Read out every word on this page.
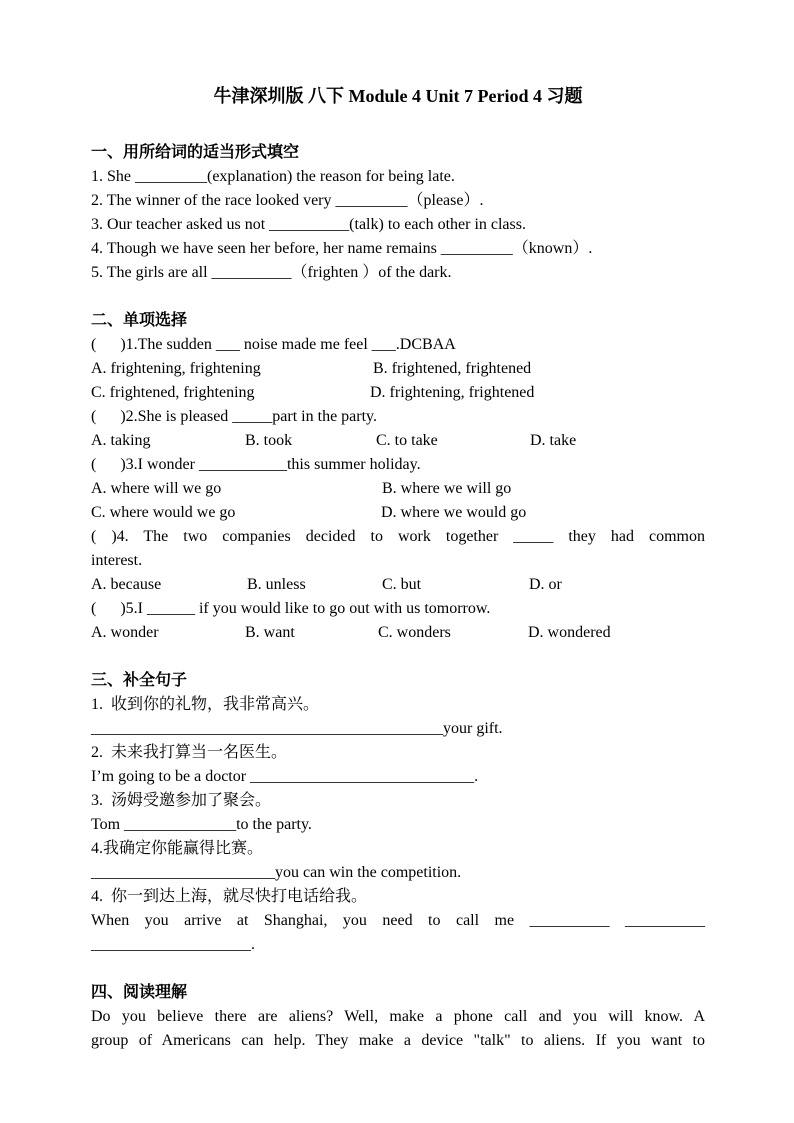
牛津深圳版 八下 Module 4 Unit 7 Period 4 习题
一、用所给词的适当形式填空
1. She _________(explanation) the reason for being late.
2. The winner of the race looked very _________（please）.
3. Our teacher asked us not __________(talk) to each other in class.
4. Though we have seen her before, her name remains _________（known）.
5. The girls are all __________（frighten ）of the dark.
二、单项选择
(      )1.The sudden ___ noise made me feel ___.DCBAA
A. frightening, frightening	B. frightened, frightened
C. frightened, frightening	D. frightening, frightened
(      )2.She is pleased _____part in the party.
A. taking	B. took	C. to take	D. take
(      )3.I wonder ___________this summer holiday.
A. where will we go	B. where we will go
C. where would we go	D. where we would go
( )4. The two companies decided to work together _____ they had common
interest.
A. because	B. unless	C. but	D. or
(      )5.I ______ if you would like to go out with us tomorrow.
A. wonder	B. want	C. wonders	D. wondered
三、补全句子
1.  收到你的礼物，我非常高兴。
____________________________________________your gift.
2.  未来我打算当一名医生。
I’m going to be a doctor ____________________________.
3.  汤姆受邀参加了聚会。
Tom ______________to the party.
4.我确定你能赢得比赛。
_______________________you can win the competition.
4.  你一到达上海，就尽快打电话给我。
When you arrive at Shanghai, you need to call me __________ __________
____________________.
四、阅读理解
Do you believe there are aliens? Well, make a phone call and you will know. A
group of Americans can help. They make a device "talk" to aliens. If you want to
